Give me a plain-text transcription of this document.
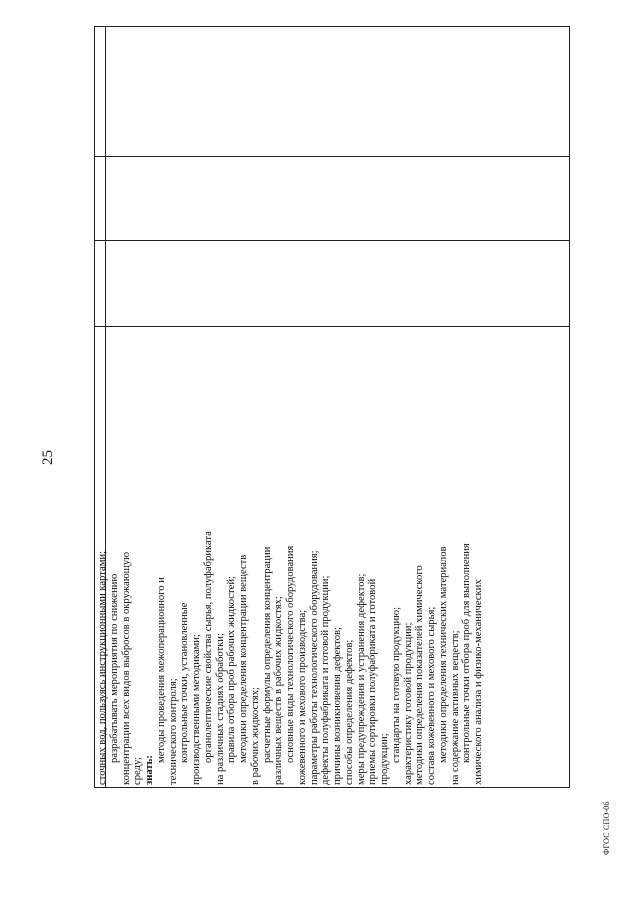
25
сточных вод, пользуясь инструкционными картами; разрабатывать мероприятия по снижению концентрации всех видов выбросов в окружающую среду; знать:
методы проведения межоперационного и технического контроля; контрольные точки, установленные производственными методиками; органолептические свойства сырья, полуфабриката на различных стадиях обработки; правила отбора проб рабочих жидкостей; методики определения концентрации веществ в рабочих жидкостях; расчетные формулы определения концентрации различных веществ в рабочих жидкостях; основные виды технологического оборудования кожевенного и мехового производства; параметры работы технологического оборудования; дефекты полуфабриката и готовой продукции; причины возникновения дефектов; способы определения дефектов; меры предупреждения и устранения дефектов; приемы сортировки полуфабриката и готовой продукции; стандарты на готовую продукцию; характеристику готовой продукции; методики определения показателей химического состава кожевенного и мехового сырья; методики определения технических материалов на содержание активных веществ; контрольные точки отбора проб для выполнения химического анализа и физико-механических
ФГОС СПО-06
